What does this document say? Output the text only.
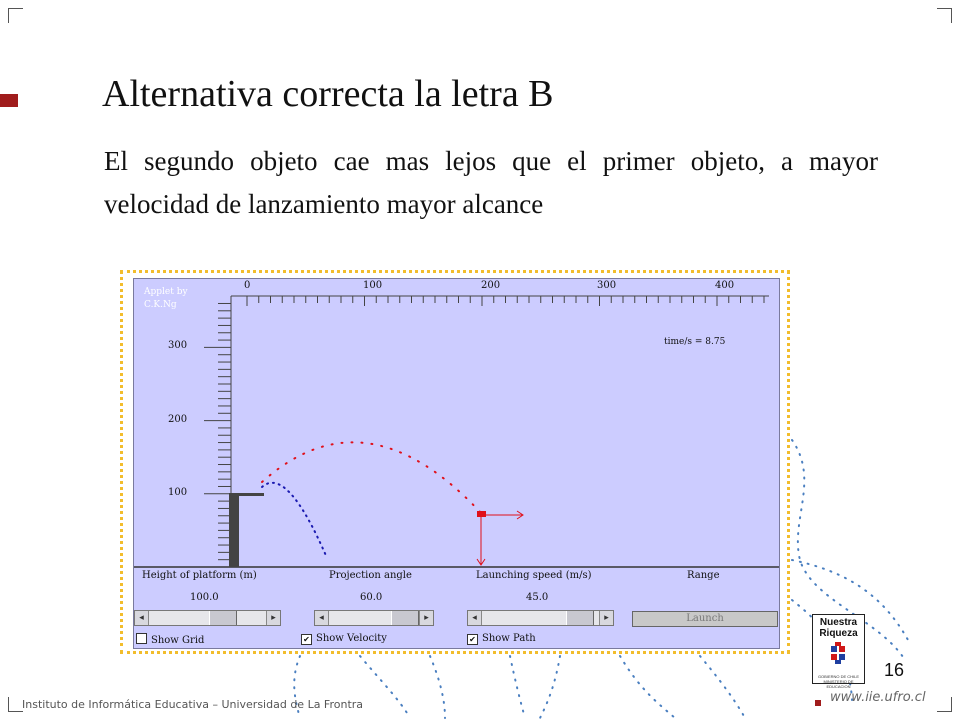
Alternativa correcta la letra B
El segundo objeto cae mas lejos que el primer objeto, a mayor velocidad de lanzamiento mayor alcance
Applet by
C.K.Ng
time/s = 8.75
0	100	200	300	400
300
200
100
Height of platform (m)	Projection angle	Launching speed (m/s)	Range
100.0	60.0	45.0
◂	▸	◂	▸	◂	▸	Launch
Show Grid	✔ Show Velocity	✔ Show Path
Nuestra
Riqueza
GOBIERNO DE CHILE
MINISTERIO DE EDUCACION
16
www.iie.ufro.cl
Instituto de Informática Educativa – Universidad de La Frontra
